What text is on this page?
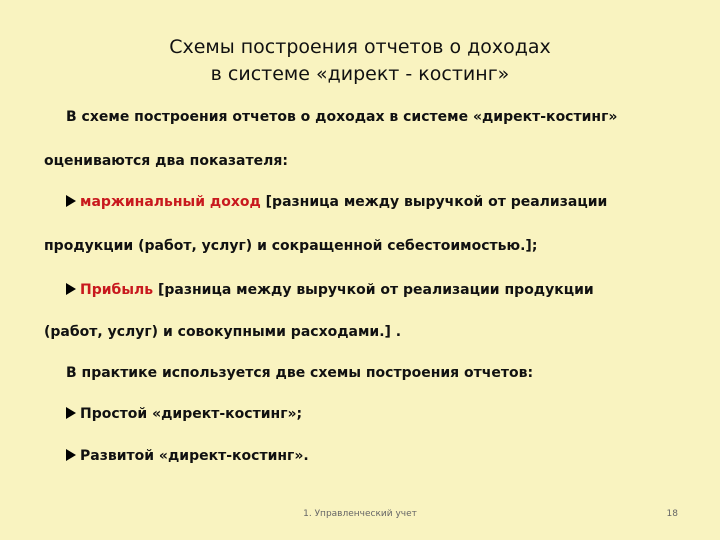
Схемы построения отчетов о доходах
в системе «директ - костинг»
В схеме построения отчетов о доходах в системе «директ-костинг»
оцениваются два показателя:
маржинальный доход [разница между выручкой от реализации
продукции (работ, услуг) и сокращенной себестоимостью.];
Прибыль [разница между выручкой от реализации продукции
(работ, услуг) и совокупными расходами.] .
В практике используется две схемы построения отчетов:
Простой «директ-костинг»;
Развитой «директ-костинг».
1. Управленческий учет	18
